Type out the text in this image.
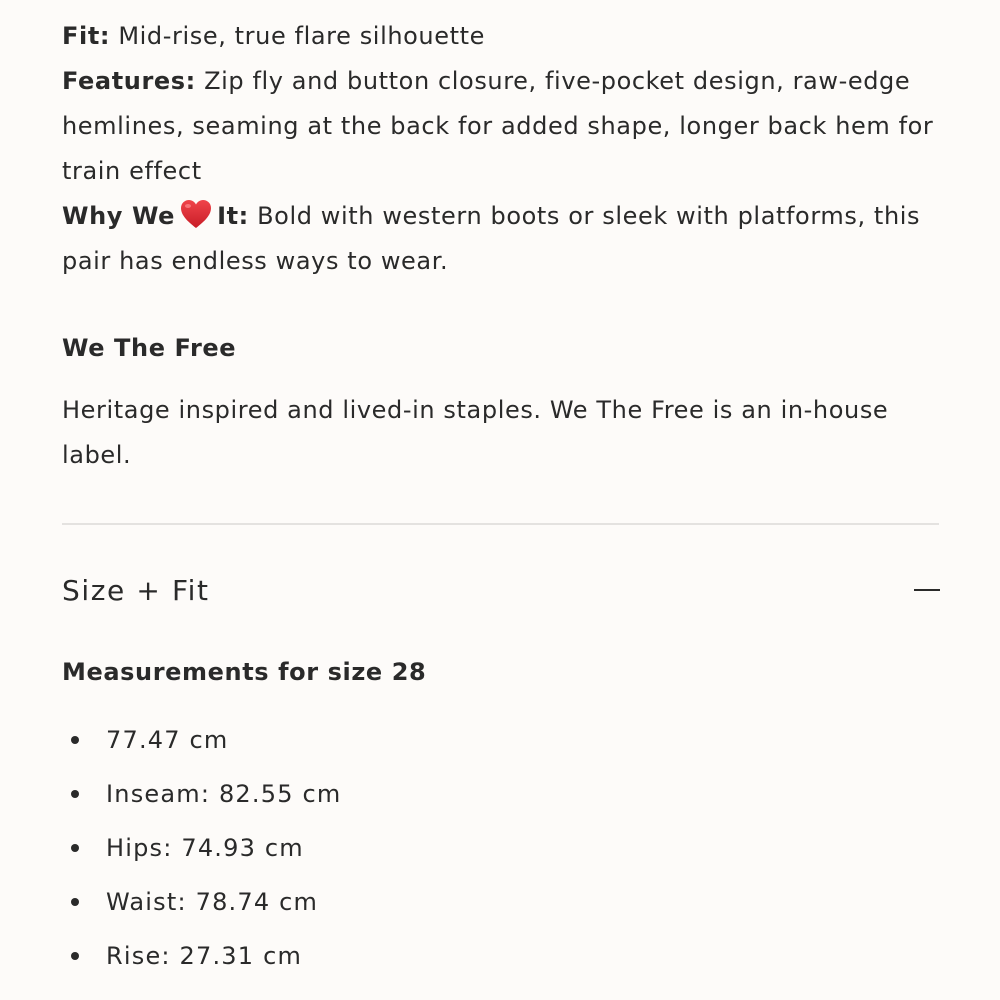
Fit: Mid-rise, true flare silhouette

Features: Zip fly and button closure, five-pocket design, raw-edge hemlines, seaming at the back for added shape, longer back hem for train effect

Why We It: Bold with western boots or sleek with platforms, this pair has endless ways to wear.

We The Free

Heritage inspired and lived-in staples. We The Free is an in-house label.

Size + Fit
Measurements for size 28
77.47 cm
Inseam: 82.55 cm
Hips: 74.93 cm
Waist: 78.74 cm
Rise: 27.31 cm
